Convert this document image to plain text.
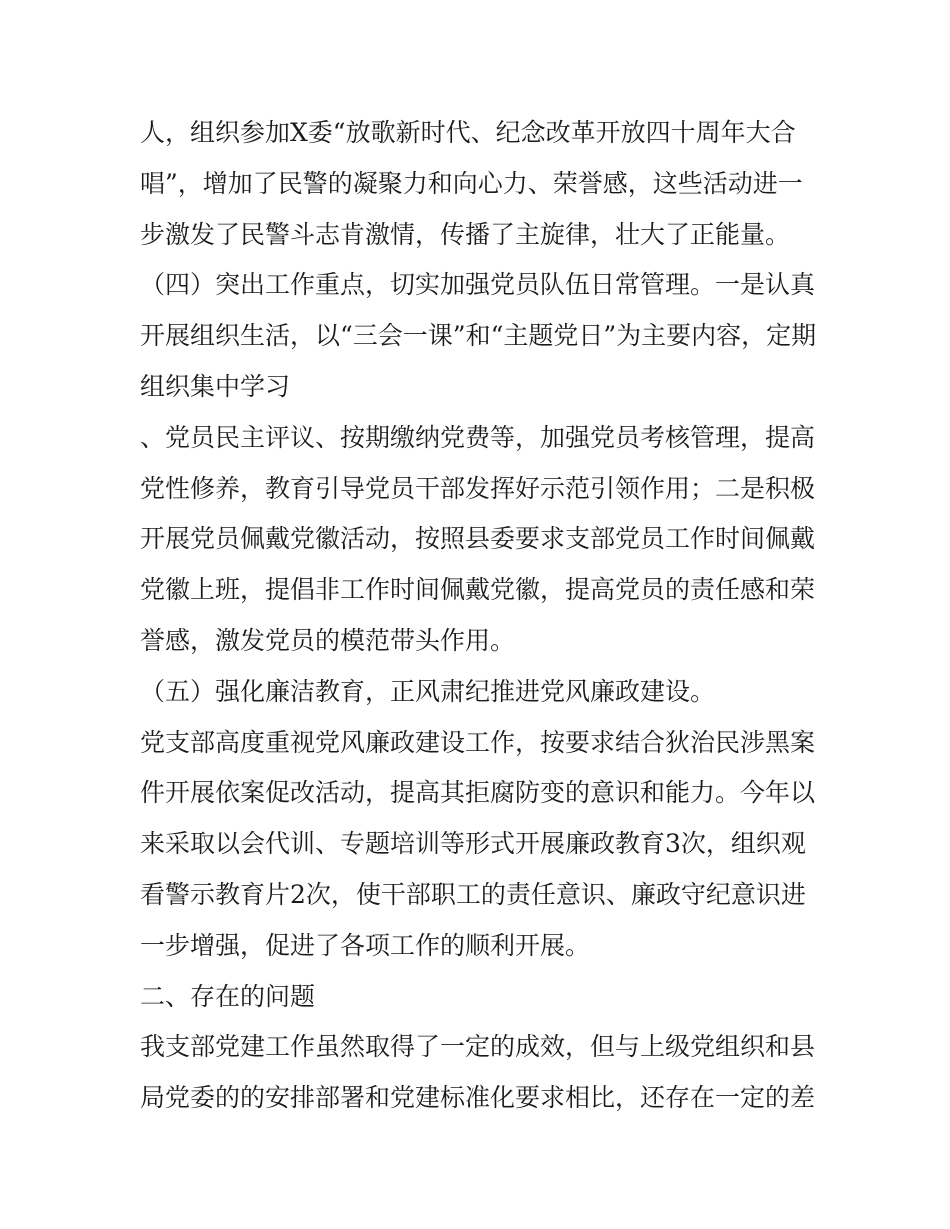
人，组织参加X委“放歌新时代、纪念改革开放四十周年大合
唱”，增加了民警的凝聚力和向心力、荣誉感，这些活动进一
步激发了民警斗志肯激情，传播了主旋律，壮大了正能量。
（四）突出工作重点，切实加强党员队伍日常管理。一是认真
开展组织生活，以“三会一课”和“主题党日”为主要内容，定期
组织集中学习
、党员民主评议、按期缴纳党费等，加强党员考核管理，提高
党性修养，教育引导党员干部发挥好示范引领作用；二是积极
开展党员佩戴党徽活动，按照县委要求支部党员工作时间佩戴
党徽上班，提倡非工作时间佩戴党徽，提高党员的责任感和荣
誉感，激发党员的模范带头作用。
（五）强化廉洁教育，正风肃纪推进党风廉政建设。
党支部高度重视党风廉政建设工作，按要求结合狄治民涉黑案
件开展依案促改活动，提高其拒腐防变的意识和能力。今年以
来采取以会代训、专题培训等形式开展廉政教育3次，组织观
看警示教育片2次，使干部职工的责任意识、廉政守纪意识进
一步增强，促进了各项工作的顺利开展。
二、存在的问题
我支部党建工作虽然取得了一定的成效，但与上级党组织和县
局党委的的安排部署和党建标准化要求相比，还存在一定的差
